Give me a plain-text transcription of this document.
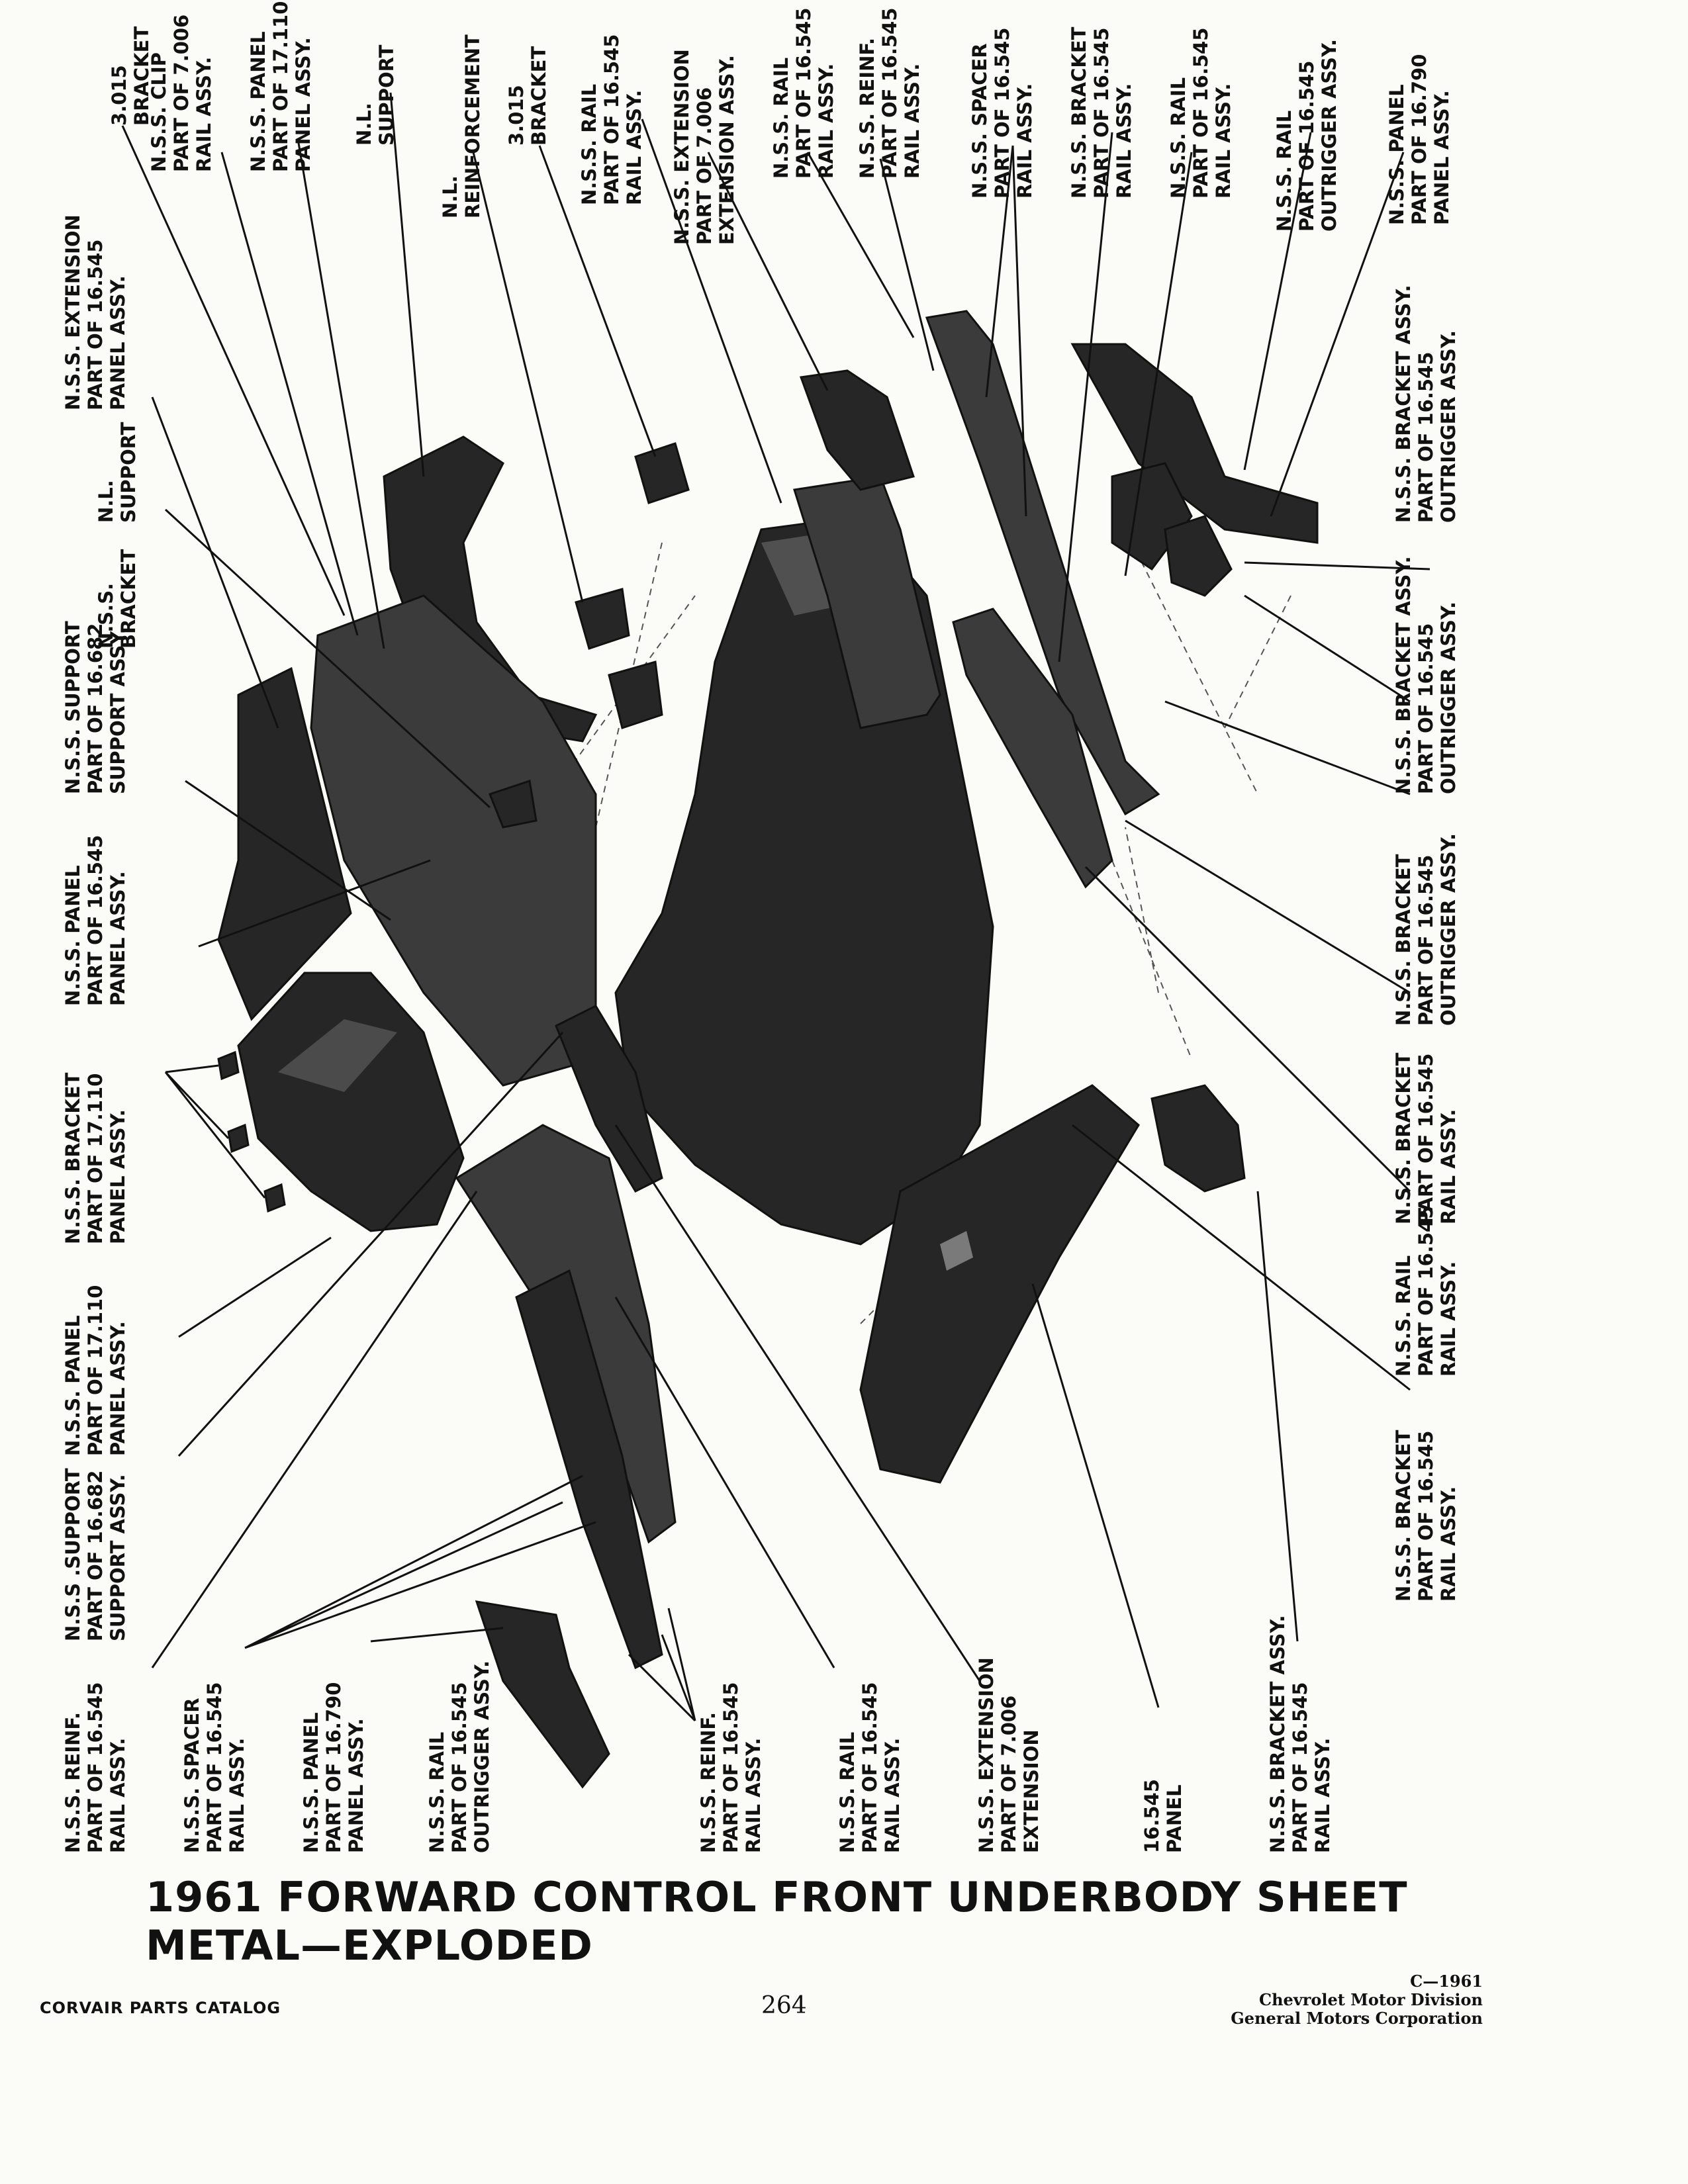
3.015BRACKET
N.S.S. CLIPPART OF 7.006RAIL ASSY. N.S.S. PANELPART OF 17.110PANEL ASSY. N.L.SUPPORT
N.L.REINFORCEMENT 3.015BRACKET N.S.S. RAILPART OF 16.545RAIL ASSY. N.S.S. EXTENSIONPART OF 7.006EXTENSION ASSY. N.S.S. RAILPART OF 16.545RAIL ASSY. N.S.S. REINF.PART OF 16.545RAIL ASSY. N.S.S. SPACERPART OF 16.545RAIL ASSY. N.S.S. BRACKETPART OF 16.545RAIL ASSY. N.S.S. RAILPART OF 16.545RAIL ASSY. N.S.S. RAILPART OF 16.545OUTRIGGER ASSY. N.S.S. PANELPART OF 16.790PANEL ASSY.
N.S.S. EXTENSIONPART OF 16.545PANEL ASSY.
N.L.SUPPORT
N.S.S.BRACKET
N.S.S. SUPPORTPART OF 16.682SUPPORT ASSY.
N.S.S. PANELPART OF 16.545PANEL ASSY.
N.S.S. BRACKETPART OF 17.110PANEL ASSY.
N.S.S. PANELPART OF 17.110PANEL ASSY.
N.S.S .SUPPORTPART OF 16.682SUPPORT ASSY.
N.S.S. REINF.PART OF 16.545RAIL ASSY.	N.S.S. SPACERPART OF 16.545RAIL ASSY.	N.S.S. PANELPART OF 16.790PANEL ASSY.	N.S.S. RAILPART OF 16.545OUTRIGGER ASSY.	N.S.S. REINF.PART OF 16.545RAIL ASSY.	N.S.S. RAILPART OF 16.545RAIL ASSY.	N.S.S. EXTENSIONPART OF 7.006EXTENSION	16.545PANEL	N.S.S. BRACKET ASSY.PART OF 16.545RAIL ASSY.
N.S.S. BRACKET ASSY.PART OF 16.545OUTRIGGER ASSY.
N.S.S. BRACKET ASSY.PART OF 16.545OUTRIGGER ASSY.
N.S.S. BRACKETPART OF 16.545OUTRIGGER ASSY.
N.S.S. BRACKETPART OF 16.545RAIL ASSY.
N.S.S. RAILPART OF 16.545RAIL ASSY.
N.S.S. BRACKETPART OF 16.545RAIL ASSY.
1961 FORWARD CONTROL FRONT UNDERBODY SHEET METAL—EXPLODED
CORVAIR PARTS CATALOG	264
C—1961
Chevrolet Motor Division
General Motors Corporation
